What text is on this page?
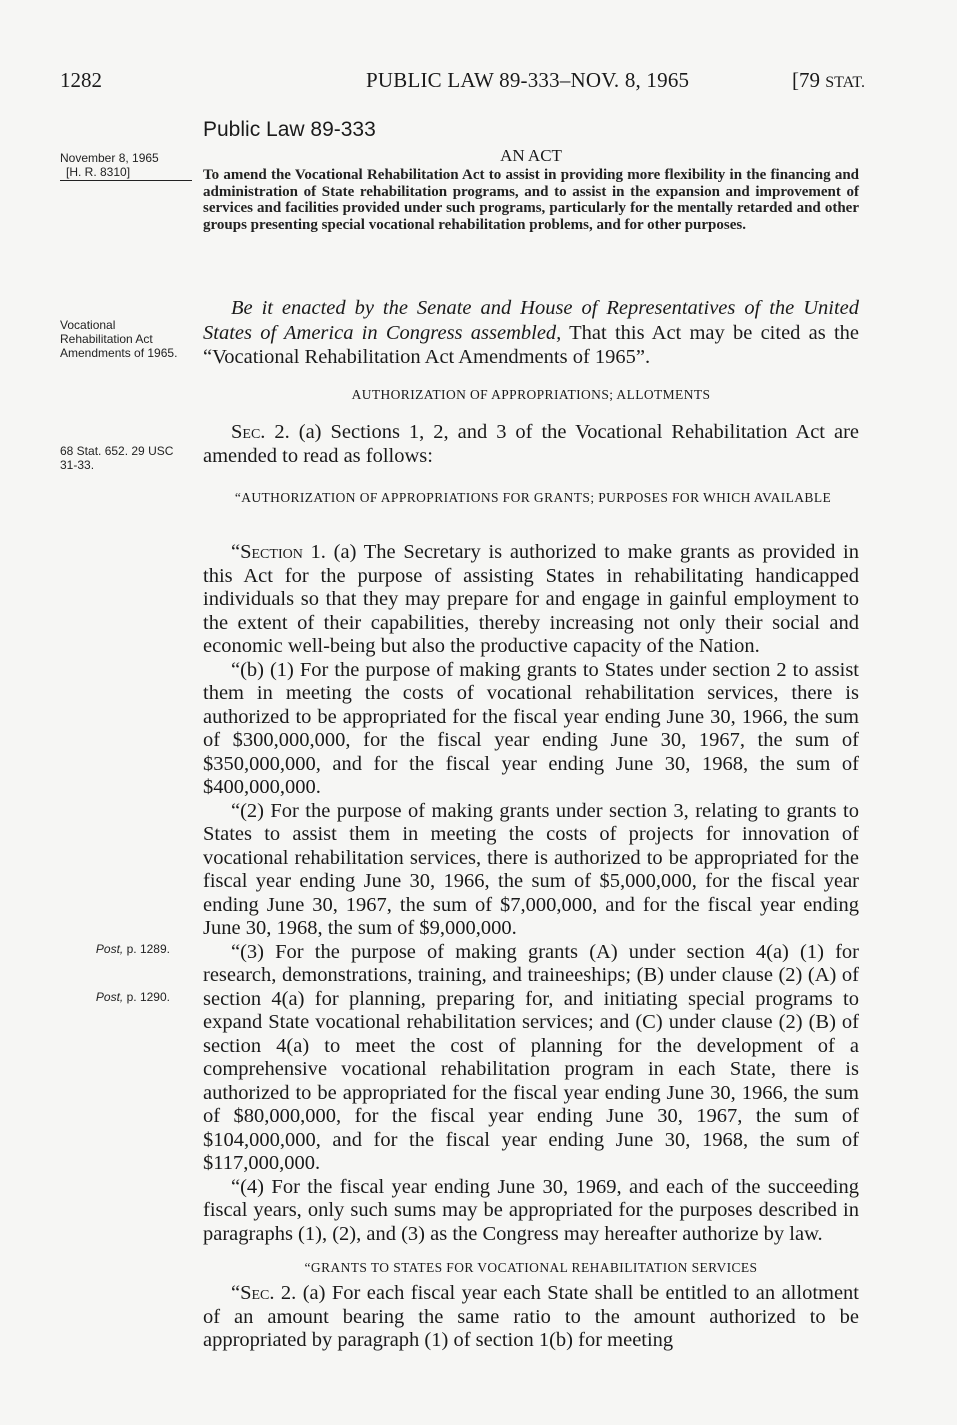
1282	PUBLIC LAW 89-333–NOV. 8, 1965	[79 STAT.
Public Law 89-333
AN ACT
November 8, 1965
[H. R. 8310]	To amend the Vocational Rehabilitation Act to assist in providing more flexibility in the financing and administration of State rehabilitation programs, and to assist in the expansion and improvement of services and facilities provided under such programs, particularly for the mentally retarded and other groups presenting special vocational rehabilitation problems, and for other purposes.
Vocational Rehabilitation Act Amendments of 1965.

Be it enacted by the Senate and House of Representatives of the United States of America in Congress assembled, That this Act may be cited as the “Vocational Rehabilitation Act Amendments of 1965”.

AUTHORIZATION OF APPROPRIATIONS; ALLOTMENTS
68 Stat. 652. 29 USC 31-33.

Sec. 2. (a) Sections 1, 2, and 3 of the Vocational Rehabilitation Act are amended to read as follows:

“AUTHORIZATION OF APPROPRIATIONS FOR GRANTS; PURPOSES FOR WHICH AVAILABLE

“Section 1. (a) The Secretary is authorized to make grants as provided in this Act for the purpose of assisting States in rehabilitating handicapped individuals so that they may prepare for and engage in gainful employment to the extent of their capabilities, thereby increasing not only their social and economic well-being but also the productive capacity of the Nation.

“(b) (1) For the purpose of making grants to States under section 2 to assist them in meeting the costs of vocational rehabilitation services, there is authorized to be appropriated for the fiscal year ending June 30, 1966, the sum of $300,000,000, for the fiscal year ending June 30, 1967, the sum of $350,000,000, and for the fiscal year ending June 30, 1968, the sum of $400,000,000.

“(2) For the purpose of making grants under section 3, relating to grants to States to assist them in meeting the costs of projects for innovation of vocational rehabilitation services, there is authorized to be appropriated for the fiscal year ending June 30, 1966, the sum of $5,000,000, for the fiscal year ending June 30, 1967, the sum of $7,000,000, and for the fiscal year ending June 30, 1968, the sum of $9,000,000.

“(3) For the purpose of making grants (A) under section 4(a) (1) for research, demonstrations, training, and traineeships; (B) under clause (2) (A) of section 4(a) for planning, preparing for, and initiating special programs to expand State vocational rehabilitation services; and (C) under clause (2) (B) of section 4(a) to meet the cost of planning for the development of a comprehensive vocational rehabilitation program in each State, there is authorized to be appropriated for the fiscal year ending June 30, 1966, the sum of $80,000,000, for the fiscal year ending June 30, 1967, the sum of $104,000,000, and for the fiscal year ending June 30, 1968, the sum of $117,000,000.

“(4) For the fiscal year ending June 30, 1969, and each of the succeeding fiscal years, only such sums may be appropriated for the purposes described in paragraphs (1), (2), and (3) as the Congress may hereafter authorize by law.

Post, p. 1289.
Post, p. 1290.
“GRANTS TO STATES FOR VOCATIONAL REHABILITATION SERVICES

“Sec. 2. (a) For each fiscal year each State shall be entitled to an allotment of an amount bearing the same ratio to the amount authorized to be appropriated by paragraph (1) of section 1(b) for meeting
